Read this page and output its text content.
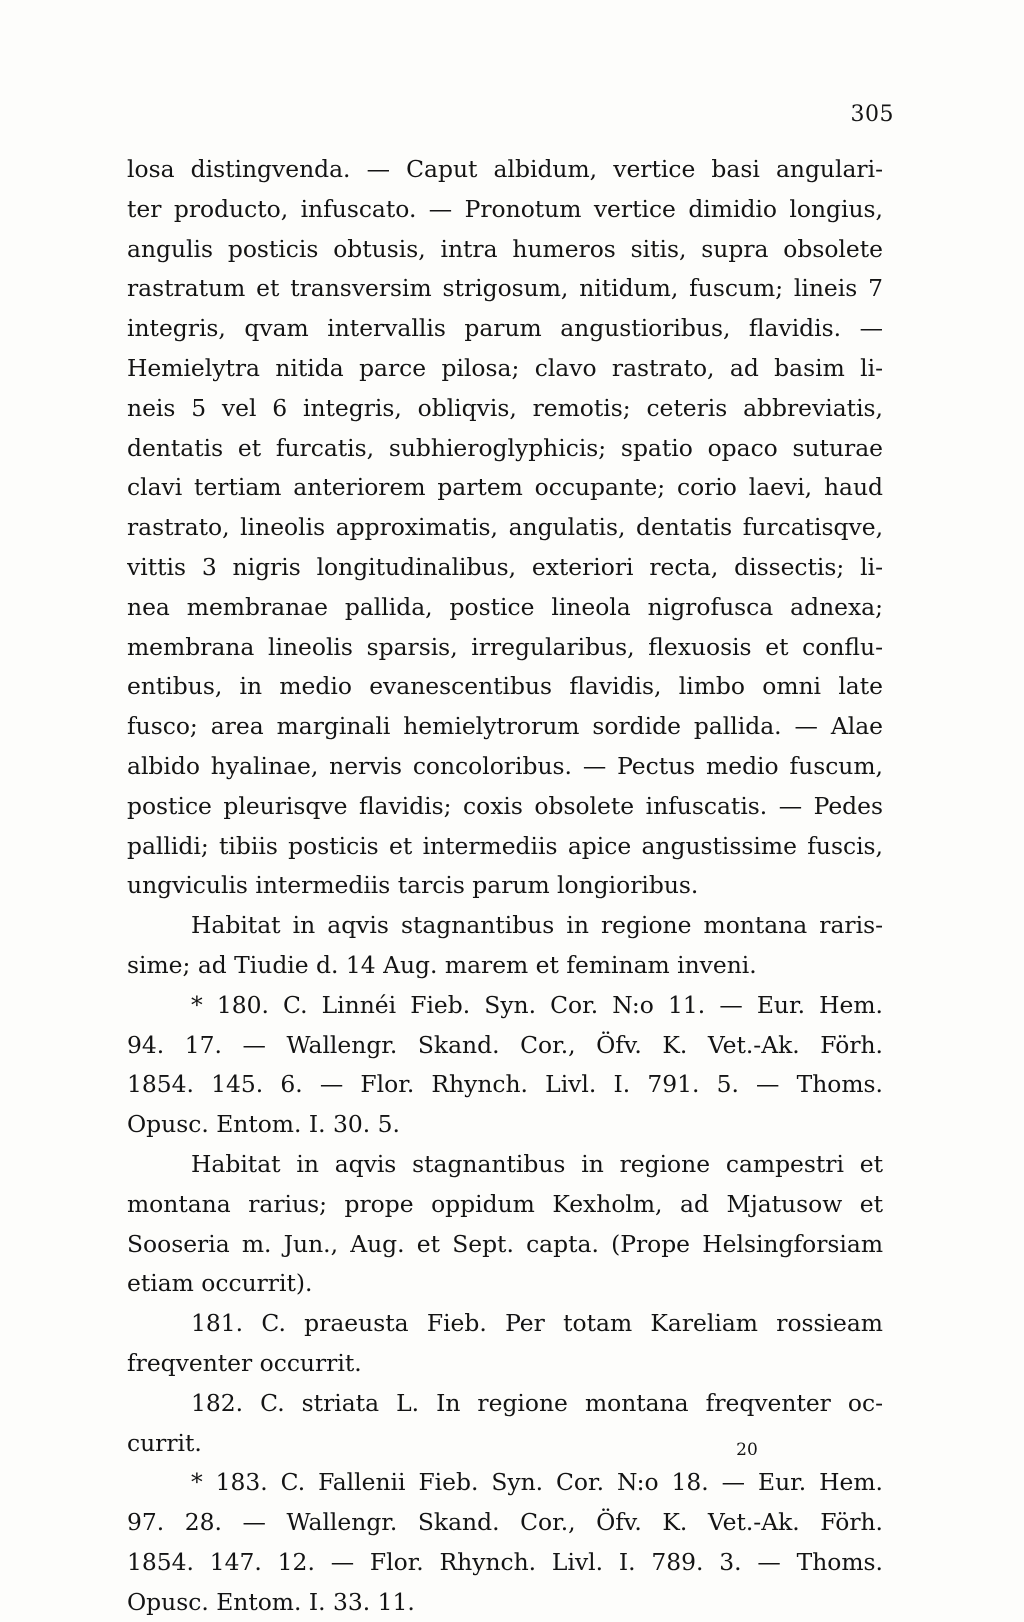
305
losa distingvenda. — Caput albidum, vertice basi angulari-
ter producto, infuscato. — Pronotum vertice dimidio longius,
angulis posticis obtusis, intra humeros sitis, supra obsolete
rastratum et transversim strigosum, nitidum, fuscum; lineis 7
integris, qvam intervallis parum angustioribus, flavidis. —
Hemielytra nitida parce pilosa; clavo rastrato, ad basim li-
neis 5 vel 6 integris, obliqvis, remotis; ceteris abbreviatis,
dentatis et furcatis, subhieroglyphicis; spatio opaco suturae
clavi tertiam anteriorem partem occupante; corio laevi, haud
rastrato, lineolis approximatis, angulatis, dentatis furcatisqve,
vittis 3 nigris longitudinalibus, exteriori recta, dissectis; li-
nea membranae pallida, postice lineola nigrofusca adnexa;
membrana lineolis sparsis, irregularibus, flexuosis et conflu-
entibus, in medio evanescentibus flavidis, limbo omni late
fusco; area marginali hemielytrorum sordide pallida. — Alae
albido hyalinae, nervis concoloribus. — Pectus medio fuscum,
postice pleurisqve flavidis; coxis obsolete infuscatis. — Pedes
pallidi; tibiis posticis et intermediis apice angustissime fuscis,
ungviculis intermediis tarcis parum longioribus.
Habitat in aqvis stagnantibus in regione montana raris-
sime; ad Tiudie d. 14 Aug. marem et feminam inveni.
* 180. C. Linnéi Fieb. Syn. Cor. N:o 11. — Eur. Hem.
94. 17. — Wallengr. Skand. Cor., Öfv. K. Vet.-Ak. Förh.
1854. 145. 6. — Flor. Rhynch. Livl. I. 791. 5. — Thoms.
Opusc. Entom. I. 30. 5.
Habitat in aqvis stagnantibus in regione campestri et
montana rarius; prope oppidum Kexholm, ad Mjatusow et
Sooseria m. Jun., Aug. et Sept. capta. (Prope Helsingforsiam
etiam occurrit).
181. C. praeusta Fieb. Per totam Kareliam rossieam
freqventer occurrit.
182. C. striata L. In regione montana freqventer oc-
currit.
* 183. C. Fallenii Fieb. Syn. Cor. N:o 18. — Eur. Hem.
97. 28. — Wallengr. Skand. Cor., Öfv. K. Vet.-Ak. Förh.
1854. 147. 12. — Flor. Rhynch. Livl. I. 789. 3. — Thoms.
Opusc. Entom. I. 33. 11.
20
